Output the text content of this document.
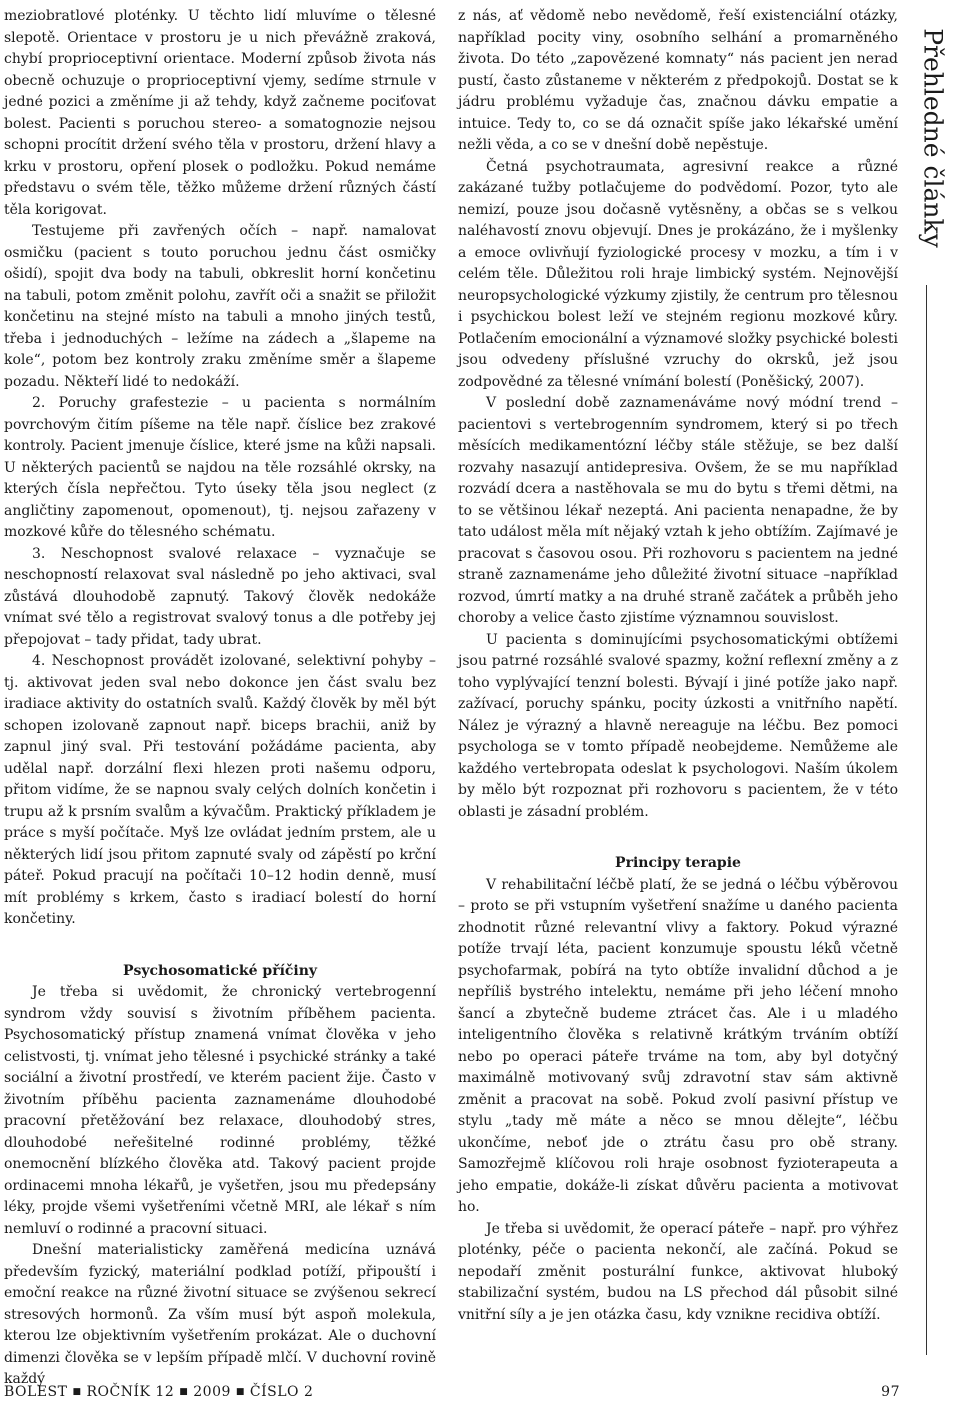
meziobratlové ploténky. U těchto lidí mluvíme o tělesné slepotě. Orientace v prostoru je u nich převážně zraková, chybí proprioceptivní orientace. Moderní způsob života nás obecně ochuzuje o proprioceptivní vjemy, sedíme strnule v jedné pozici a změníme ji až tehdy, když začneme pociťovat bolest. Pacienti s poruchou stereo- a somatognozie nejsou schopni procítit držení svého těla v prostoru, držení hlavy a krku v prostoru, opření plosek o podložku. Pokud nemáme představu o svém těle, těžko můžeme držení různých částí těla korigovat.

Testujeme při zavřených očích – např. namalovat osmičku (pacient s touto poruchou jednu část osmičky ošidí), spojit dva body na tabuli, obkreslit horní končetinu na tabuli, potom změnit polohu, zavřít oči a snažit se přiložit končetinu na stejné místo na tabuli a mnoho jiných testů, třeba i jednoduchých – ležíme na zádech a „šlapeme na kole“, potom bez kontroly zraku změníme směr a šlapeme pozadu. Někteří lidé to nedokáží.

2. Poruchy grafestezie – u pacienta s normálním povrchovým čitím píšeme na těle např. číslice bez zrakové kontroly. Pacient jmenuje číslice, které jsme na kůži napsali. U některých pacientů se najdou na těle rozsáhlé okrsky, na kterých čísla nepřečtou. Tyto úseky těla jsou neglect (z angličtiny zapomenout, opomenout), tj. nejsou zařazeny v mozkové kůře do tělesného schématu.

3. Neschopnost svalové relaxace – vyznačuje se neschopností relaxovat sval následně po jeho aktivaci, sval zůstává dlouhodobě zapnutý. Takový člověk nedokáže vnímat své tělo a registrovat svalový tonus a dle potřeby jej přepojovat – tady přidat, tady ubrat.

4. Neschopnost provádět izolované, selektivní pohyby – tj. aktivovat jeden sval nebo dokonce jen část svalu bez iradiace aktivity do ostatních svalů. Každý člověk by měl být schopen izolovaně zapnout např. biceps brachii, aniž by zapnul jiný sval. Při testování požádáme pacienta, aby udělal např. dorzální flexi hlezen proti našemu odporu, přitom vidíme, že se napnou svaly celých dolních končetin i trupu až k prsním svalům a kývačům. Praktický příkladem je práce s myší počítače. Myš lze ovládat jedním prstem, ale u některých lidí jsou přitom zapnuté svaly od zápěstí po krční páteř. Pokud pracují na počítači 10–12 hodin denně, musí mít problémy s krkem, často s iradiací bolestí do horní končetiny.

Psychosomatické příčiny

Je třeba si uvědomit, že chronický vertebrogenní syndrom vždy souvisí s životním příběhem pacienta. Psychosomatický přístup znamená vnímat člověka v jeho celistvosti, tj. vnímat jeho tělesné i psychické stránky a také sociální a životní prostředí, ve kterém pacient žije. Často v životním příběhu pacienta zaznamenáme dlouhodobé pracovní přetěžování bez relaxace, dlouhodobý stres, dlouhodobé neřešitelné rodinné problémy, těžké onemocnění blízkého člověka atd. Takový pacient projde ordinacemi mnoha lékařů, je vyšetřen, jsou mu předepsány léky, projde všemi vyšetřeními včetně MRI, ale lékař s ním nemluví o rodinné a pracovní situaci.

Dnešní materialisticky zaměřená medicína uznává především fyzický, materiální podklad potíží, připouští i emoční reakce na různé životní situace se zvýšenou sekrecí stresových hormonů. Za vším musí být aspoň molekula, kterou lze objektivním vyšetřením prokázat. Ale o duchovní dimenzi člověka se v lepším případě mlčí. V duchovní rovině každý

z nás, ať vědomě nebo nevědomě, řeší existenciální otázky, například pocity viny, osobního selhání a promarněného života. Do této „zapovězené komnaty“ nás pacient jen nerad pustí, často zůstaneme v některém z předpokojů. Dostat se k jádru problému vyžaduje čas, značnou dávku empatie a intuice. Tedy to, co se dá označit spíše jako lékařské umění nežli věda, a co se v dnešní době nepěstuje.

Četná psychotraumata, agresivní reakce a různé zakázané tužby potlačujeme do podvědomí. Pozor, tyto ale nemizí, pouze jsou dočasně vytěsněny, a občas se s velkou naléhavostí znovu objevují. Dnes je prokázáno, že i myšlenky a emoce ovlivňují fyziologické procesy v mozku, a tím i v celém těle. Důležitou roli hraje limbický systém. Nejnovější neuropsychologické výzkumy zjistily, že centrum pro tělesnou i psychickou bolest leží ve stejném regionu mozkové kůry. Potlačením emocionální a významové složky psychické bolesti jsou odvedeny příslušné vzruchy do okrsků, jež jsou zodpovědné za tělesné vnímání bolestí (Poněšický, 2007).

V poslední době zaznamenáváme nový módní trend – pacientovi s vertebrogenním syndromem, který si po třech měsících medikamentózní léčby stále stěžuje, se bez další rozvahy nasazují antidepresiva. Ovšem, že se mu například rozvádí dcera a nastěhovala se mu do bytu s třemi dětmi, na to se většinou lékař nezeptá. Ani pacienta nenapadne, že by tato událost měla mít nějaký vztah k jeho obtížím. Zajímavé je pracovat s časovou osou. Při rozhovoru s pacientem na jedné straně zaznamenáme jeho důležité životní situace –například rozvod, úmrtí matky a na druhé straně začátek a průběh jeho choroby a velice často zjistíme významnou souvislost.

U pacienta s dominujícími psychosomatickými obtížemi jsou patrné rozsáhlé svalové spazmy, kožní reflexní změny a z toho vyplývající tenzní bolesti. Bývají i jiné potíže jako např. zažívací, poruchy spánku, pocity úzkosti a vnitřního napětí. Nález je výrazný a hlavně nereaguje na léčbu. Bez pomoci psychologa se v tomto případě neobejdeme. Nemůžeme ale každého vertebropata odeslat k psychologovi. Naším úkolem by mělo být rozpoznat při rozhovoru s pacientem, že v této oblasti je zásadní problém.

Principy terapie

V rehabilitační léčbě platí, že se jedná o léčbu výběrovou – proto se při vstupním vyšetření snažíme u daného pacienta zhodnotit různé relevantní vlivy a faktory. Pokud výrazné potíže trvají léta, pacient konzumuje spoustu léků včetně psychofarmak, pobírá na tyto obtíže invalidní důchod a je nepříliš bystrého intelektu, nemáme při jeho léčení mnoho šancí a zbytečně budeme ztrácet čas. Ale i u mladého inteligentního člověka s relativně krátkým trváním obtíží nebo po operaci páteře trváme na tom, aby byl dotyčný maximálně motivovaný svůj zdravotní stav sám aktivně změnit a pracovat na sobě. Pokud zvolí pasivní přístup ve stylu „tady mě máte a něco se mnou dělejte“, léčbu ukončíme, neboť jde o ztrátu času pro obě strany. Samozřejmě klíčovou roli hraje osobnost fyzioterapeuta a jeho empatie, dokáže-li získat důvěru pacienta a motivovat ho.

Je třeba si uvědomit, že operací páteře – např. pro výhřez ploténky, péče o pacienta nekončí, ale začíná. Pokud se nepodaří změnit posturální funkce, aktivovat hluboký stabilizační systém, budou na LS přechod dál působit silné vnitřní síly a je jen otázka času, kdy vznikne recidiva obtíží.

Přehledné články
BOLEST ■ ROČNÍK 12 ■ 2009 ■ ČÍSLO 2	97
